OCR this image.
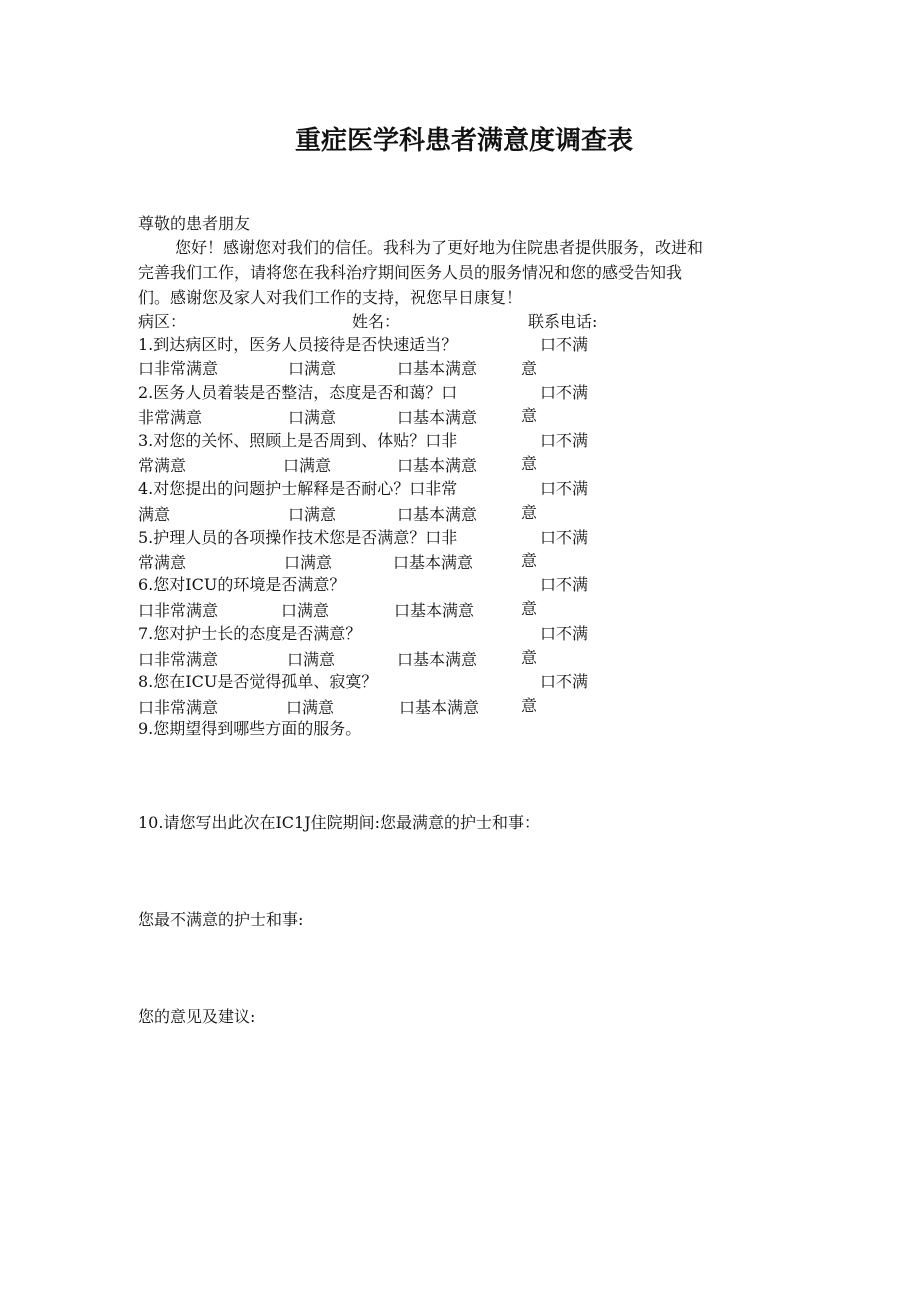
重症医学科患者满意度调查表
尊敬的患者朋友
您好！感谢您对我们的信任。我科为了更好地为住院患者提供服务，改进和
完善我们工作，请将您在我科治疗期间医务人员的服务情况和您的感受告知我
们。感谢您及家人对我们工作的支持，祝您早日康复！
病区：	姓名：	联系电话:
1.到达病区时，医务人员接待是否快速适当？	口不满
口非常满意	口满意	口基本满意	意
2.医务人员着装是否整洁，态度是否和蔼？口	口不满
非常满意	口满意	口基本满意	意
3.对您的关怀、照顾上是否周到、体贴？口非	口不满
常满意	口满意	口基本满意	意
4.对您提出的问题护士解释是否耐心？口非常	口不满
满意	口满意	口基本满意	意
5.护理人员的各项操作技术您是否满意？口非	口不满
常满意	口满意	口基本满意	意
6.您对ICU的环境是否满意？	口不满
口非常满意	口满意	口基本满意	意
7.您对护士长的态度是否满意？	口不满
口非常满意	口满意	口基本满意	意
8.您在ICU是否觉得孤单、寂寞？	口不满
口非常满意	口满意	口基本满意	意
9.您期望得到哪些方面的服务。
10.请您写出此次在IC1J住院期间:您最满意的护士和事：
您最不满意的护士和事:
您的意见及建议:
